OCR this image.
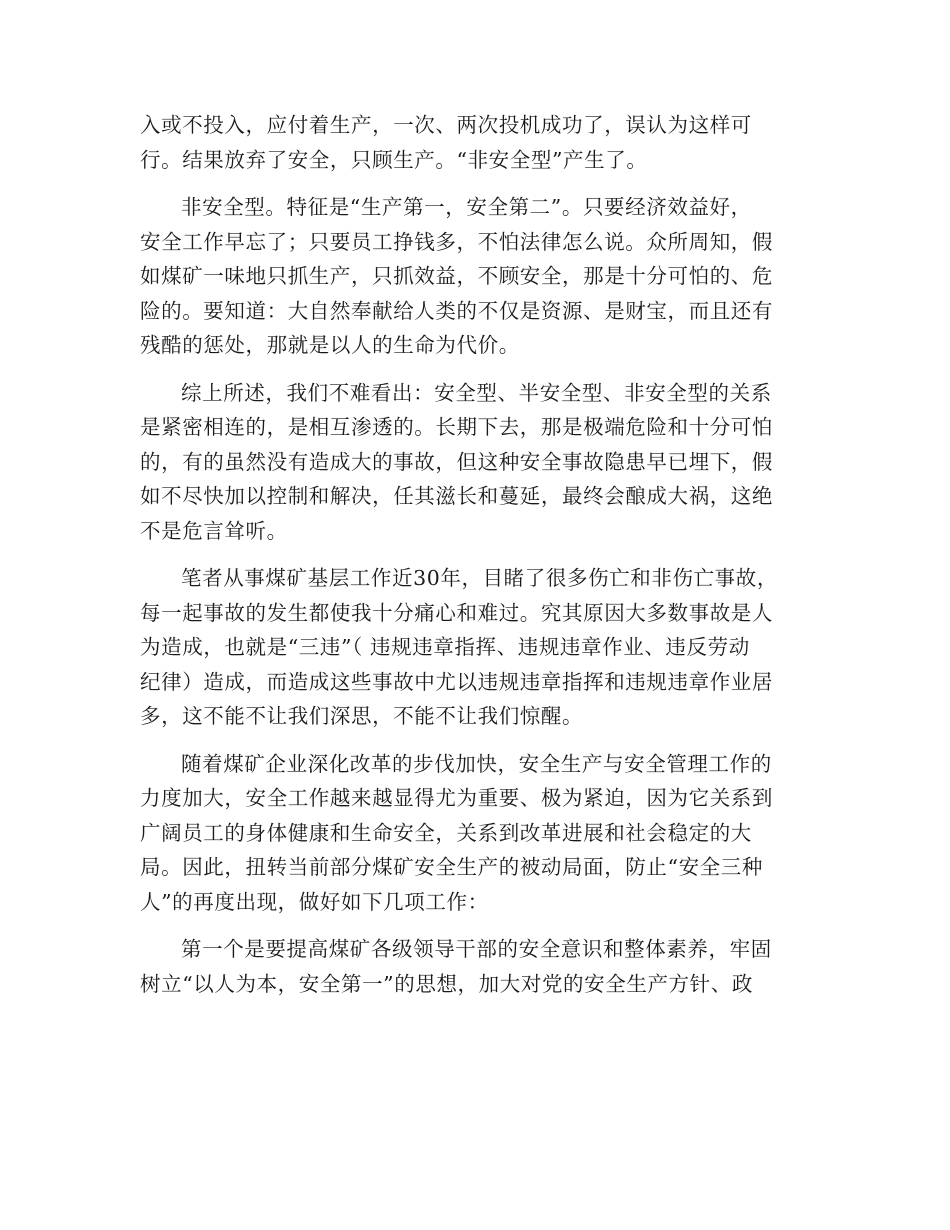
入或不投入，应付着生产，一次、两次投机成功了，误认为这样可
行。结果放弃了安全，只顾生产。“非安全型”产生了。

非安全型。特征是“生产第一，安全第二”。只要经济效益好，
安全工作早忘了；只要员工挣钱多，不怕法律怎么说。众所周知，假
如煤矿一味地只抓生产，只抓效益，不顾安全，那是十分可怕的、危
险的。要知道：大自然奉献给人类的不仅是资源、是财宝，而且还有
残酷的惩处，那就是以人的生命为代价。

综上所述，我们不难看出：安全型、半安全型、非安全型的关系
是紧密相连的，是相互渗透的。长期下去，那是极端危险和十分可怕
的，有的虽然没有造成大的事故，但这种安全事故隐患早已埋下，假
如不尽快加以控制和解决，任其滋长和蔓延，最终会酿成大祸，这绝
不是危言耸听。

笔者从事煤矿基层工作近30年，目睹了很多伤亡和非伤亡事故，
每一起事故的发生都使我十分痛心和难过。究其原因大多数事故是人
为造成，也就是“三违”（ 违规违章指挥、违规违章作业、违反劳动
纪律）造成，而造成这些事故中尤以违规违章指挥和违规违章作业居
多，这不能不让我们深思，不能不让我们惊醒。

随着煤矿企业深化改革的步伐加快，安全生产与安全管理工作的
力度加大，安全工作越来越显得尤为重要、极为紧迫，因为它关系到
广阔员工的身体健康和生命安全，关系到改革进展和社会稳定的大
局。因此，扭转当前部分煤矿安全生产的被动局面，防止“安全三种
人”的再度出现，做好如下几项工作：

第一个是要提高煤矿各级领导干部的安全意识和整体素养，牢固
树立“以人为本，安全第一”的思想，加大对党的安全生产方针、政
